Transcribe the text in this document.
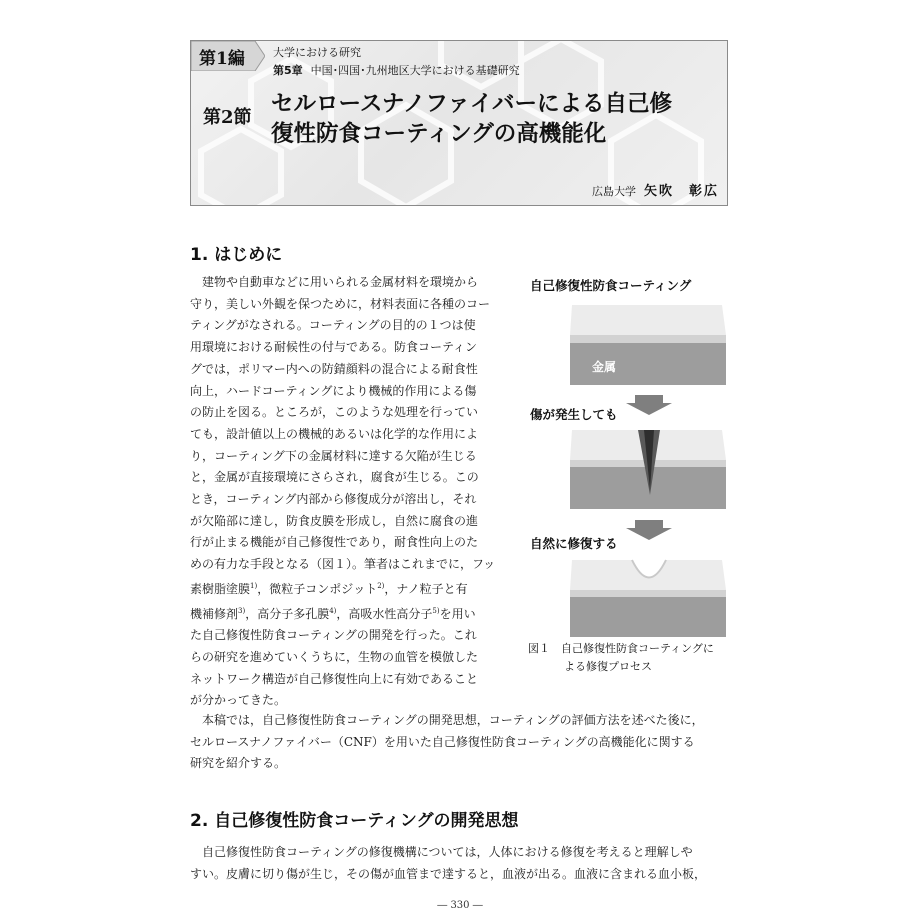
第1編	大学における研究
第5章 中国･四国･九州地区大学における基礎研究
第2節
セルロースナノファイバーによる自己修
復性防食コーティングの高機能化
広島大学 矢吹　彰広
1. はじめに

建物や自動車などに用いられる金属材料を環境から

守り，美しい外観を保つために，材料表面に各種のコー

ティングがなされる。コーティングの目的の１つは使

用環境における耐候性の付与である。防食コーティン

グでは，ポリマー内への防錆顔料の混合による耐食性

向上，ハードコーティングにより機械的作用による傷

の防止を図る。ところが，このような処理を行ってい

ても，設計値以上の機械的あるいは化学的な作用によ

り，コーティング下の金属材料に達する欠陥が生じる

と，金属が直接環境にさらされ，腐食が生じる。この

とき，コーティング内部から修復成分が溶出し，それ

が欠陥部に達し，防食皮膜を形成し，自然に腐食の進

行が止まる機能が自己修復性であり，耐食性向上のた

めの有力な手段となる（図１）。筆者はこれまでに，フッ

素樹脂塗膜$^{1)}$，微粒子コンポジット$^{2)}$，ナノ粒子と有

機補修剤$^{3)}$，高分子多孔膜$^{4)}$，高吸水性高分子$^{5)}$を用い

た自己修復性防食コーティングの開発を行った。これ

らの研究を進めていくうちに，生物の血管を模倣した

ネットワーク構造が自己修復性向上に有効であること

が分かってきた。

本稿では，自己修復性防食コーティングの開発思想，コーティングの評価方法を述べた後に，

セルロースナノファイバー（CNF）を用いた自己修復性防食コーティングの高機能化に関する

研究を紹介する。

自己修復性防食コーティング
金属
傷が発生しても
自然に修復する
図１　自己修復性防食コーティングに
よる修復プロセス
2. 自己修復性防食コーティングの開発思想

自己修復性防食コーティングの修復機構については，人体における修復を考えると理解しや

すい。皮膚に切り傷が生じ，その傷が血管まで達すると，血液が出る。血液に含まれる血小板，

― 330 ―
